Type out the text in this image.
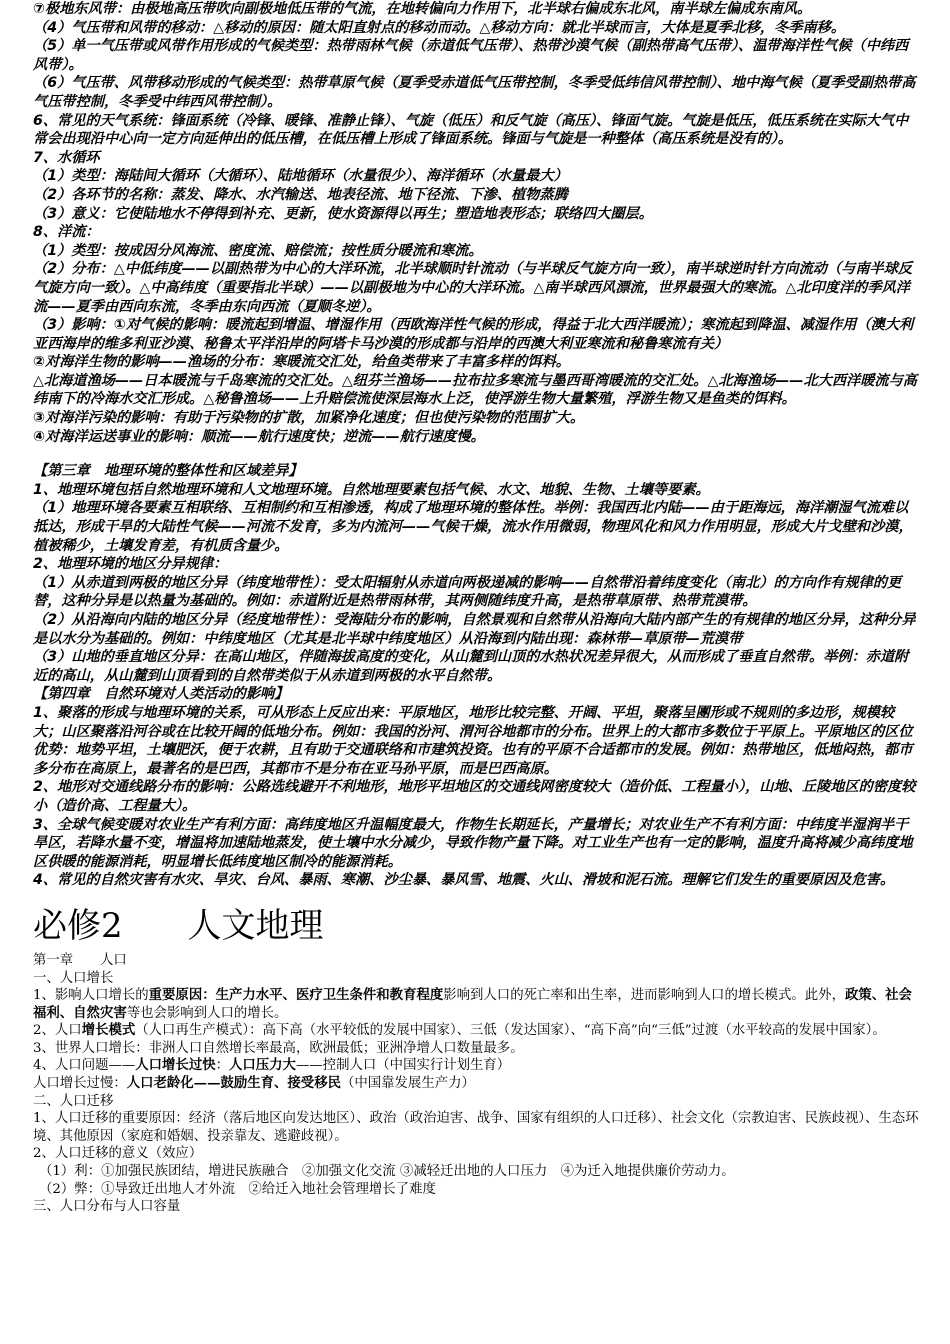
⑦极地东风带：由极地高压带吹向副极地低压带的气流，在地转偏向力作用下，北半球右偏成东北风，南半球左偏成东南风。

（4）气压带和风带的移动：△移动的原因：随太阳直射点的移动而动。△移动方向：就北半球而言，大体是夏季北移，冬季南移。

（5）单一气压带或风带作用形成的气候类型：热带雨林气候（赤道低气压带）、热带沙漠气候（副热带高气压带）、温带海洋性气候（中纬西风带）。

（6）气压带、风带移动形成的气候类型：热带草原气候（夏季受赤道低气压带控制，冬季受低纬信风带控制）、地中海气候（夏季受副热带高气压带控制，冬季受中纬西风带控制）。

6、常见的天气系统：锋面系统（冷锋、暖锋、准静止锋）、气旋（低压）和反气旋（高压）、锋面气旋。气旋是低压，低压系统在实际大气中常会出现沿中心向一定方向延伸出的低压槽，在低压槽上形成了锋面系统。锋面与气旋是一种整体（高压系统是没有的）。

7、水循环

（1）类型：海陆间大循环（大循环）、陆地循环（水量很少）、海洋循环（水量最大）

（2）各环节的名称：蒸发、降水、水汽输送、地表径流、地下径流、下渗、植物蒸腾

（3）意义：它使陆地水不停得到补充、更新，使水资源得以再生；塑造地表形态；联络四大圈层。

8、洋流：

（1）类型：按成因分风海流、密度流、赔偿流；按性质分暖流和寒流。

（2）分布：△中低纬度——以副热带为中心的大洋环流，北半球顺时针流动（与半球反气旋方向一致），南半球逆时针方向流动（与南半球反气旋方向一致）。△中高纬度（重要指北半球）——以副极地为中心的大洋环流。△南半球西风漂流，世界最强大的寒流。△北印度洋的季风洋流——夏季由西向东流，冬季由东向西流（夏顺冬逆）。

（3）影响：①对气候的影响：暖流起到增温、增湿作用（西欧海洋性气候的形成，得益于北大西洋暖流）；寒流起到降温、减湿作用（澳大利亚西海岸的维多利亚沙漠、秘鲁太平洋沿岸的阿塔卡马沙漠的形成都与沿岸的西澳大利亚寒流和秘鲁寒流有关）

②对海洋生物的影响——渔场的分布：寒暖流交汇处，给鱼类带来了丰富多样的饵料。

△北海道渔场——日本暖流与千岛寒流的交汇处。△纽芬兰渔场——拉布拉多寒流与墨西哥湾暖流的交汇处。△北海渔场——北大西洋暖流与高纬南下的冷海水交汇形成。△秘鲁渔场——上升赔偿流使深层海水上泛，使浮游生物大量繁殖，浮游生物又是鱼类的饵料。

③对海洋污染的影响：有助于污染物的扩散，加紧净化速度；但也使污染物的范围扩大。

④对海洋运送事业的影响：顺流——航行速度快；逆流——航行速度慢。

【第三章　地理环境的整体性和区域差异】

1、地理环境包括自然地理环境和人文地理环境。自然地理要素包括气候、水文、地貌、生物、土壤等要素。

（1）地理环境各要素互相联络、互相制约和互相渗透，构成了地理环境的整体性。举例：我国西北内陆——由于距海远，海洋潮湿气流难以抵达，形成干旱的大陆性气候——河流不发育，多为内流河——气候干燥，流水作用微弱，物理风化和风力作用明显，形成大片戈壁和沙漠，植被稀少，土壤发育差，有机质含量少。

2、地理环境的地区分异规律：

（1）从赤道到两极的地区分异（纬度地带性）：受太阳辐射从赤道向两极递减的影响——自然带沿着纬度变化（南北）的方向作有规律的更替，这种分异是以热量为基础的。例如：赤道附近是热带雨林带，其两侧随纬度升高，是热带草原带、热带荒漠带。

（2）从沿海向内陆的地区分异（经度地带性）：受海陆分布的影响，自然景观和自然带从沿海向大陆内部产生的有规律的地区分异，这种分异是以水分为基础的。例如：中纬度地区（尤其是北半球中纬度地区）从沿海到内陆出现：森林带—草原带—荒漠带

（3）山地的垂直地区分异：在高山地区，伴随海拔高度的变化，从山麓到山顶的水热状况差异很大，从而形成了垂直自然带。举例：赤道附近的高山，从山麓到山顶看到的自然带类似于从赤道到两极的水平自然带。

【第四章　自然环境对人类活动的影响】

1、聚落的形成与地理环境的关系，可从形态上反应出来：平原地区，地形比较完整、开阔、平坦，聚落呈團形或不规则的多边形，规模较大；山区聚落沿河谷或在比较开阔的低地分布。例如：我国的汾河、渭河谷地都市的分布。世界上的大都市多数位于平原上。平原地区的区位优势：地势平坦，土壤肥沃，便于农耕，且有助于交通联络和市建筑投资。也有的平原不合适都市的发展。例如：热带地区，低地闷热，都市多分布在高原上，最著名的是巴西，其都市不是分布在亚马孙平原，而是巴西高原。

2、地形对交通线路分布的影响：公路选线避开不利地形，地形平坦地区的交通线网密度较大（造价低、工程量小），山地、丘陵地区的密度较小（造价高、工程量大）。

3、全球气候变暖对农业生产有利方面：高纬度地区升温幅度最大，作物生长期延长，产量增长；对农业生产不有利方面：中纬度半湿润半干旱区，若降水量不变，增温将加速陆地蒸发，使土壤中水分减少，导致作物产量下降。对工业生产也有一定的影响，温度升高将减少高纬度地区供暖的能源消耗，明显增长低纬度地区制冷的能源消耗。

4、常见的自然灾害有水灾、旱灾、台风、暴雨、寒潮、沙尘暴、暴风雪、地震、火山、滑坡和泥石流。理解它们发生的重要原因及危害。

必修2 人文地理

第一章　　人口

一、人口增长

1、影响人口增长的重要原因：生产力水平、医疗卫生条件和教育程度影响到人口的死亡率和出生率，进而影响到人口的增长模式。此外，政策、社会福利、自然灾害等也会影响到人口的增长。

2、人口增长模式（人口再生产模式）：高下高（水平较低的发展中国家）、三低（发达国家）、“高下高”向“三低”过渡（水平较高的发展中国家）。

3、世界人口增长：非洲人口自然增长率最高，欧洲最低；亚洲净增人口数量最多。

4、人口问题——人口增长过快：人口压力大——控制人口（中国实行计划生育）

人口增长过慢：人口老龄化——鼓励生育、接受移民（中国靠发展生产力）

二、人口迁移

1、人口迁移的重要原因：经济（落后地区向发达地区）、政治（政治迫害、战争、国家有组织的人口迁移）、社会文化（宗教迫害、民族歧视）、生态环境、其他原因（家庭和婚姻、投亲靠友、逃避歧视）。

2、人口迁移的意义（效应）

（1）利：①加强民族团结，增进民族融合　②加强文化交流 ③减轻迁出地的人口压力　④为迁入地提供廉价劳动力。

（2）弊：①导致迁出地人才外流　②给迁入地社会管理增长了难度

三、人口分布与人口容量
